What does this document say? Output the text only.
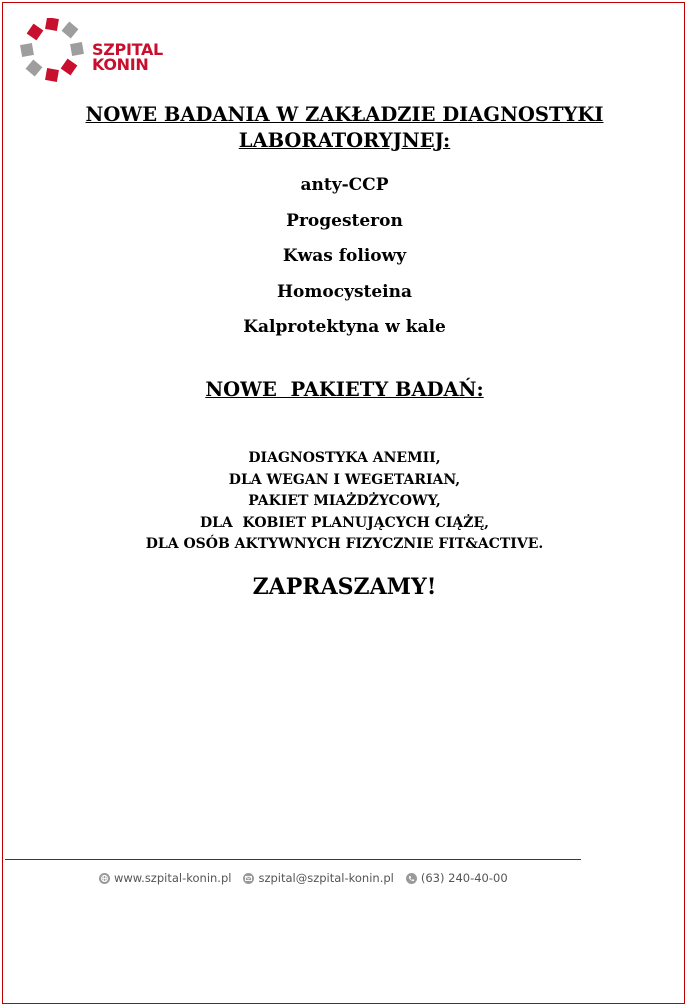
SZPITAL
KONIN
NOWE BADANIA W ZAKŁADZIE DIAGNOSTYKI
LABORATORYJNEJ:
anty-CCP
Progesteron
Kwas foliowy
Homocysteina
Kalprotektyna w kale
NOWE  PAKIETY BADAŃ:
DIAGNOSTYKA ANEMII,
DLA WEGAN I WEGETARIAN,
PAKIET MIAŻDŻYCOWY,
DLA  KOBIET PLANUJĄCYCH CIĄŻĘ,
DLA OSÓB AKTYWNYCH FIZYCZNIE FIT&ACTIVE.
ZAPRASZAMY!
www.szpital-konin.pl szpital@szpital-konin.pl (63) 240-40-00
